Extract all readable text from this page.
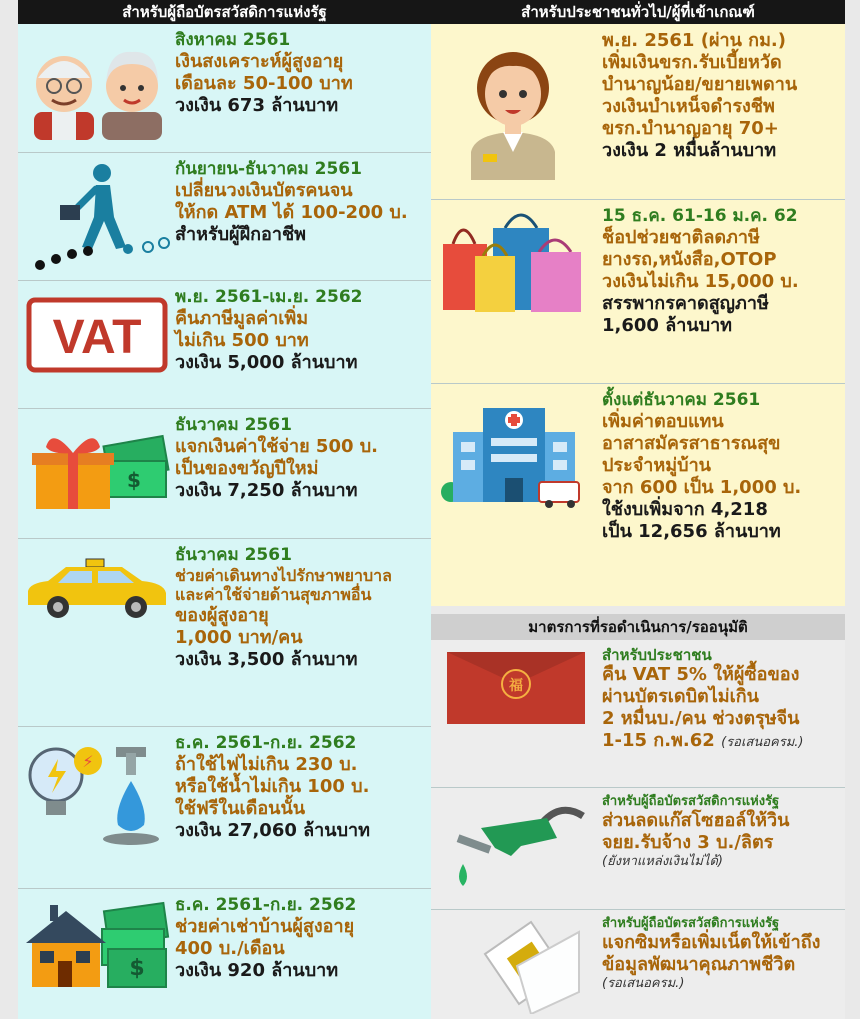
สำหรับผู้ถือบัตรสวัสดิการแห่งรัฐ
สิงหาคม 2561
เงินสงเคราะห์ผู้สูงอายุ
เดือนละ 50-100 บาท
วงเงิน 673 ล้านบาท
กันยายน-ธันวาคม 2561
เปลี่ยนวงเงินบัตรคนจน
ให้กด ATM ได้ 100-200 บ.
สำหรับผู้ฝึกอาชีพ
VAT
พ.ย. 2561-เม.ย. 2562
คืนภาษีมูลค่าเพิ่ม
ไม่เกิน 500 บาท
วงเงิน 5,000 ล้านบาท
$
ธันวาคม 2561
แจกเงินค่าใช้จ่าย 500 บ.
เป็นของขวัญปีใหม่
วงเงิน 7,250 ล้านบาท
ธันวาคม 2561
ช่วยค่าเดินทางไปรักษาพยาบาล
และค่าใช้จ่ายด้านสุขภาพอื่น
ของผู้สูงอายุ
1,000 บาท/คน
วงเงิน 3,500 ล้านบาท
⚡
ธ.ค. 2561-ก.ย. 2562
ถ้าใช้ไฟไม่เกิน 230 บ.
หรือใช้น้ำไม่เกิน 100 บ.
ใช้ฟรีในเดือนนั้น
วงเงิน 27,060 ล้านบาท
$
ธ.ค. 2561-ก.ย. 2562
ช่วยค่าเช่าบ้านผู้สูงอายุ
400 บ./เดือน
วงเงิน 920 ล้านบาท
สำหรับประชาชนทั่วไป/ผู้ที่เข้าเกณฑ์
พ.ย. 2561 (ผ่าน กม.)
เพิ่มเงินขรก.รับเบี้ยหวัด
บำนาญน้อย/ขยายเพดาน
วงเงินบำเหน็จดำรงชีพ
ขรก.บำนาญอายุ 70+
วงเงิน 2 หมื่นล้านบาท
15 ธ.ค. 61-16 ม.ค. 62
ช็อปช่วยชาติลดภาษี
ยางรถ,หนังสือ,OTOP
วงเงินไม่เกิน 15,000 บ.
สรรพากรคาดสูญภาษี
1,600 ล้านบาท
ตั้งแต่ธันวาคม 2561
เพิ่มค่าตอบแทน
อาสาสมัครสาธารณสุข
ประจำหมู่บ้าน
จาก 600 เป็น 1,000 บ.
ใช้งบเพิ่มจาก 4,218
เป็น 12,656 ล้านบาท
มาตรการที่รอดำเนินการ/รออนุมัติ
福
สำหรับประชาชน
คืน VAT 5% ให้ผู้ซื้อของ
ผ่านบัตรเดบิตไม่เกิน
2 หมื่นบ./คน ช่วงตรุษจีน
1-15 ก.พ.62 (รอเสนอครม.)
สำหรับผู้ถือบัตรสวัสดิการแห่งรัฐ
ส่วนลดแก๊สโซฮอล์ให้วิน
จยย.รับจ้าง 3 บ./ลิตร
(ยังหาแหล่งเงินไม่ได้)
สำหรับผู้ถือบัตรสวัสดิการแห่งรัฐ
แจกซิมหรือเพิ่มเน็ตให้เข้าถึง
ข้อมูลพัฒนาคุณภาพชีวิต
(รอเสนอครม.)
